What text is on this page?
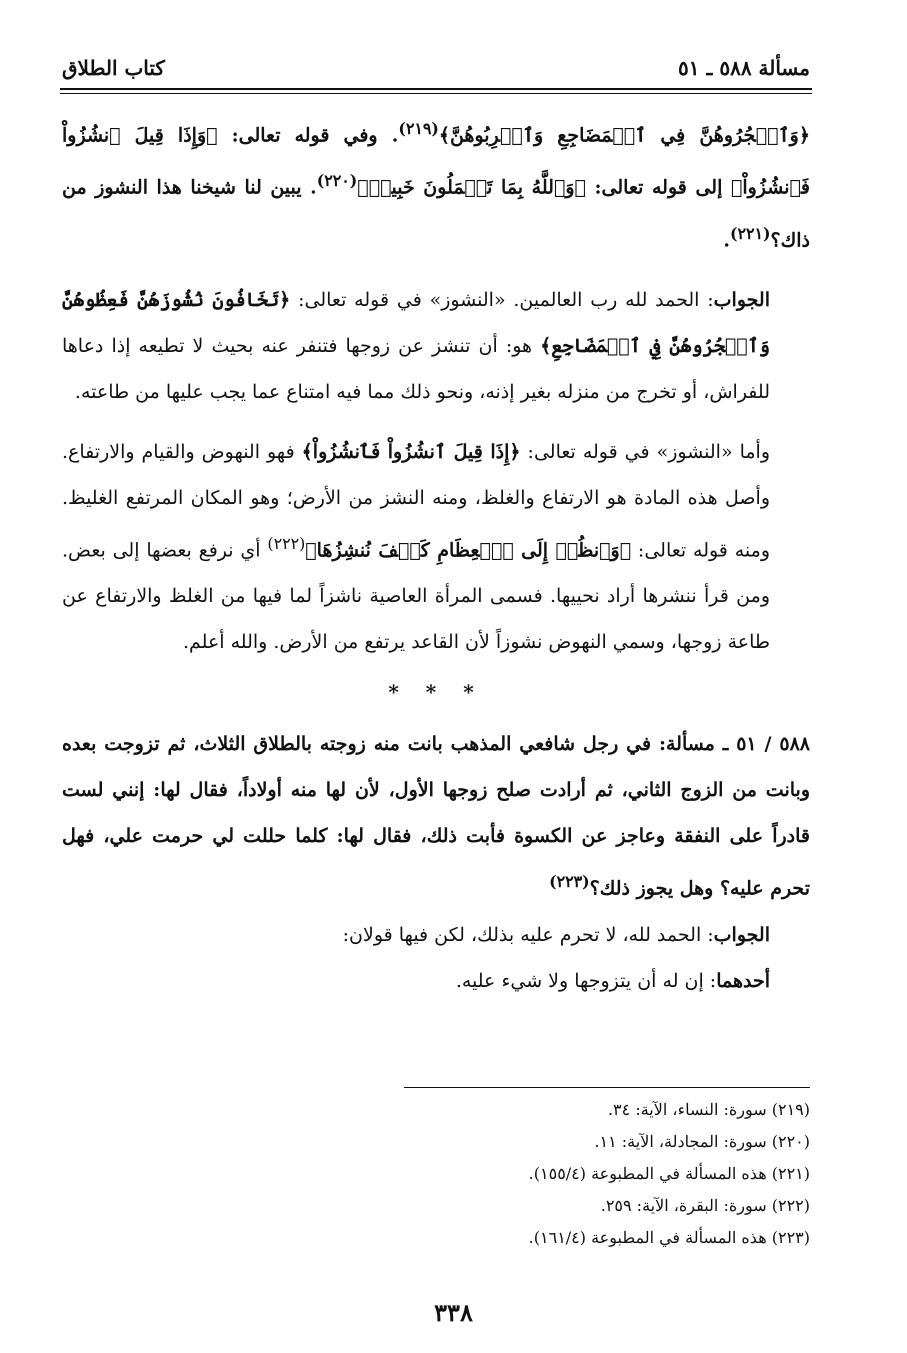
مسألة ٥٨٨ ـ ٥١
كتاب الطلاق

﴿وَٱهۡجُرُوهُنَّ فِي ٱلۡمَضَاجِعِ وَٱضۡرِبُوهُنَّ﴾$^{(٢١٩)}$. وفي قوله تعالى: ﴿وَإِذَا قِيلَ ٱنشُزُواْ فَٱنشُزُواْ﴾ إلى قوله تعالى: ﴿وَٱللَّهُ بِمَا تَعۡمَلُونَ خَبِيرٞ﴾$^{(٢٢٠)}$. يبين لنا شيخنا هذا النشوز من ذاك؟$^{(٢٢١)}$.

الجواب: الحمد لله رب العالمين. «النشوز» في قوله تعالى: ﴿تَخَافُونَ نُشُوزَهُنَّ فَعِظُوهُنَّ وَٱهۡجُرُوهُنَّ فِي ٱلۡمَضَاجِعِ﴾ هو: أن تنشز عن زوجها فتنفر عنه بحيث لا تطيعه إذا دعاها للفراش، أو تخرج من منزله بغير إذنه، ونحو ذلك مما فيه امتناع عما يجب عليها من طاعته.

وأما «النشوز» في قوله تعالى: ﴿إِذَا قِيلَ ٱنشُزُواْ فَٱنشُزُواْ﴾ فهو النهوض والقيام والارتفاع. وأصل هذه المادة هو الارتفاع والغلظ، ومنه النشز من الأرض؛ وهو المكان المرتفع الغليظ. ومنه قوله تعالى: ﴿وَٱنظُرۡ إِلَى ٱلۡعِظَامِ كَيۡفَ نُنشِزُهَا﴾$^{(٢٢٢)}$ أي نرفع بعضها إلى بعض. ومن قرأ ننشرها أراد نحييها. فسمى المرأة العاصية ناشزاً لما فيها من الغلظ والارتفاع عن طاعة زوجها، وسمي النهوض نشوزاً لأن القاعد يرتفع من الأرض. والله أعلم.

* * *

٥٨٨ / ٥١ ـ مسألة: في رجل شافعي المذهب بانت منه زوجته بالطلاق الثلاث، ثم تزوجت بعده وبانت من الزوج الثاني، ثم أرادت صلح زوجها الأول، لأن لها منه أولاداً، فقال لها: إنني لست قادراً على النفقة وعاجز عن الكسوة فأبت ذلك، فقال لها: كلما حللت لي حرمت علي، فهل تحرم عليه؟ وهل يجوز ذلك؟$^{(٢٢٣)}$

الجواب: الحمد لله، لا تحرم عليه بذلك، لكن فيها قولان:

أحدهما: إن له أن يتزوجها ولا شيء عليه.

(٢١٩) سورة: النساء، الآية: ٣٤.
(٢٢٠) سورة: المجادلة، الآية: ١١.
(٢٢١) هذه المسألة في المطبوعة (١٥٥/٤).
(٢٢٢) سورة: البقرة، الآية: ٢٥٩.
(٢٢٣) هذه المسألة في المطبوعة (١٦١/٤).
٣٣٨
